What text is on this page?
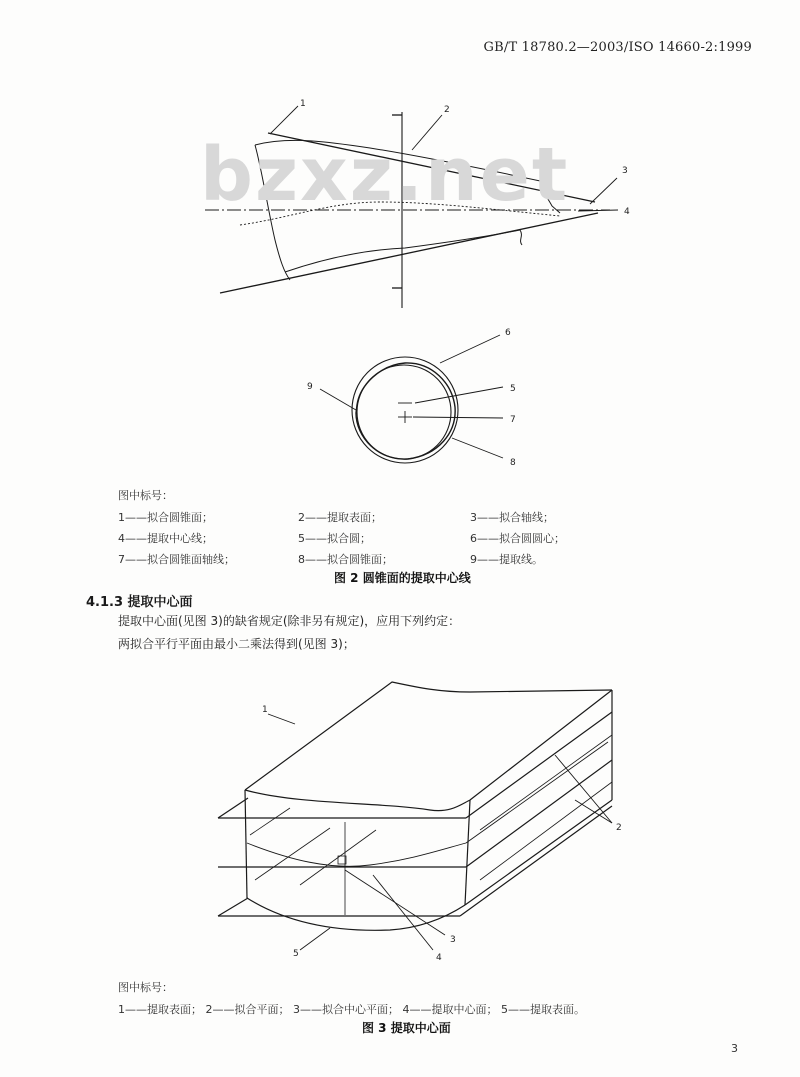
GB/T 18780.2—2003/ISO 14660-2:1999
1
2
3
4
bzxz.net
6
5
7
8
9
图中标号：
1——拟合圆锥面；	2——提取表面；	3——拟合轴线；
4——提取中心线；	5——拟合圆；	6——拟合圆圆心；
7——拟合圆锥面轴线；	8——拟合圆锥面；	9——提取线。
图 2 圆锥面的提取中心线
4.1.3 提取中心面
提取中心面(见图 3)的缺省规定(除非另有规定)，应用下列约定：
两拟合平行平面由最小二乘法得到(见图 3)；
1
2
3
4
5
图中标号：
1——提取表面； 2——拟合平面； 3——拟合中心平面； 4——提取中心面； 5——提取表面。
图 3 提取中心面
3
